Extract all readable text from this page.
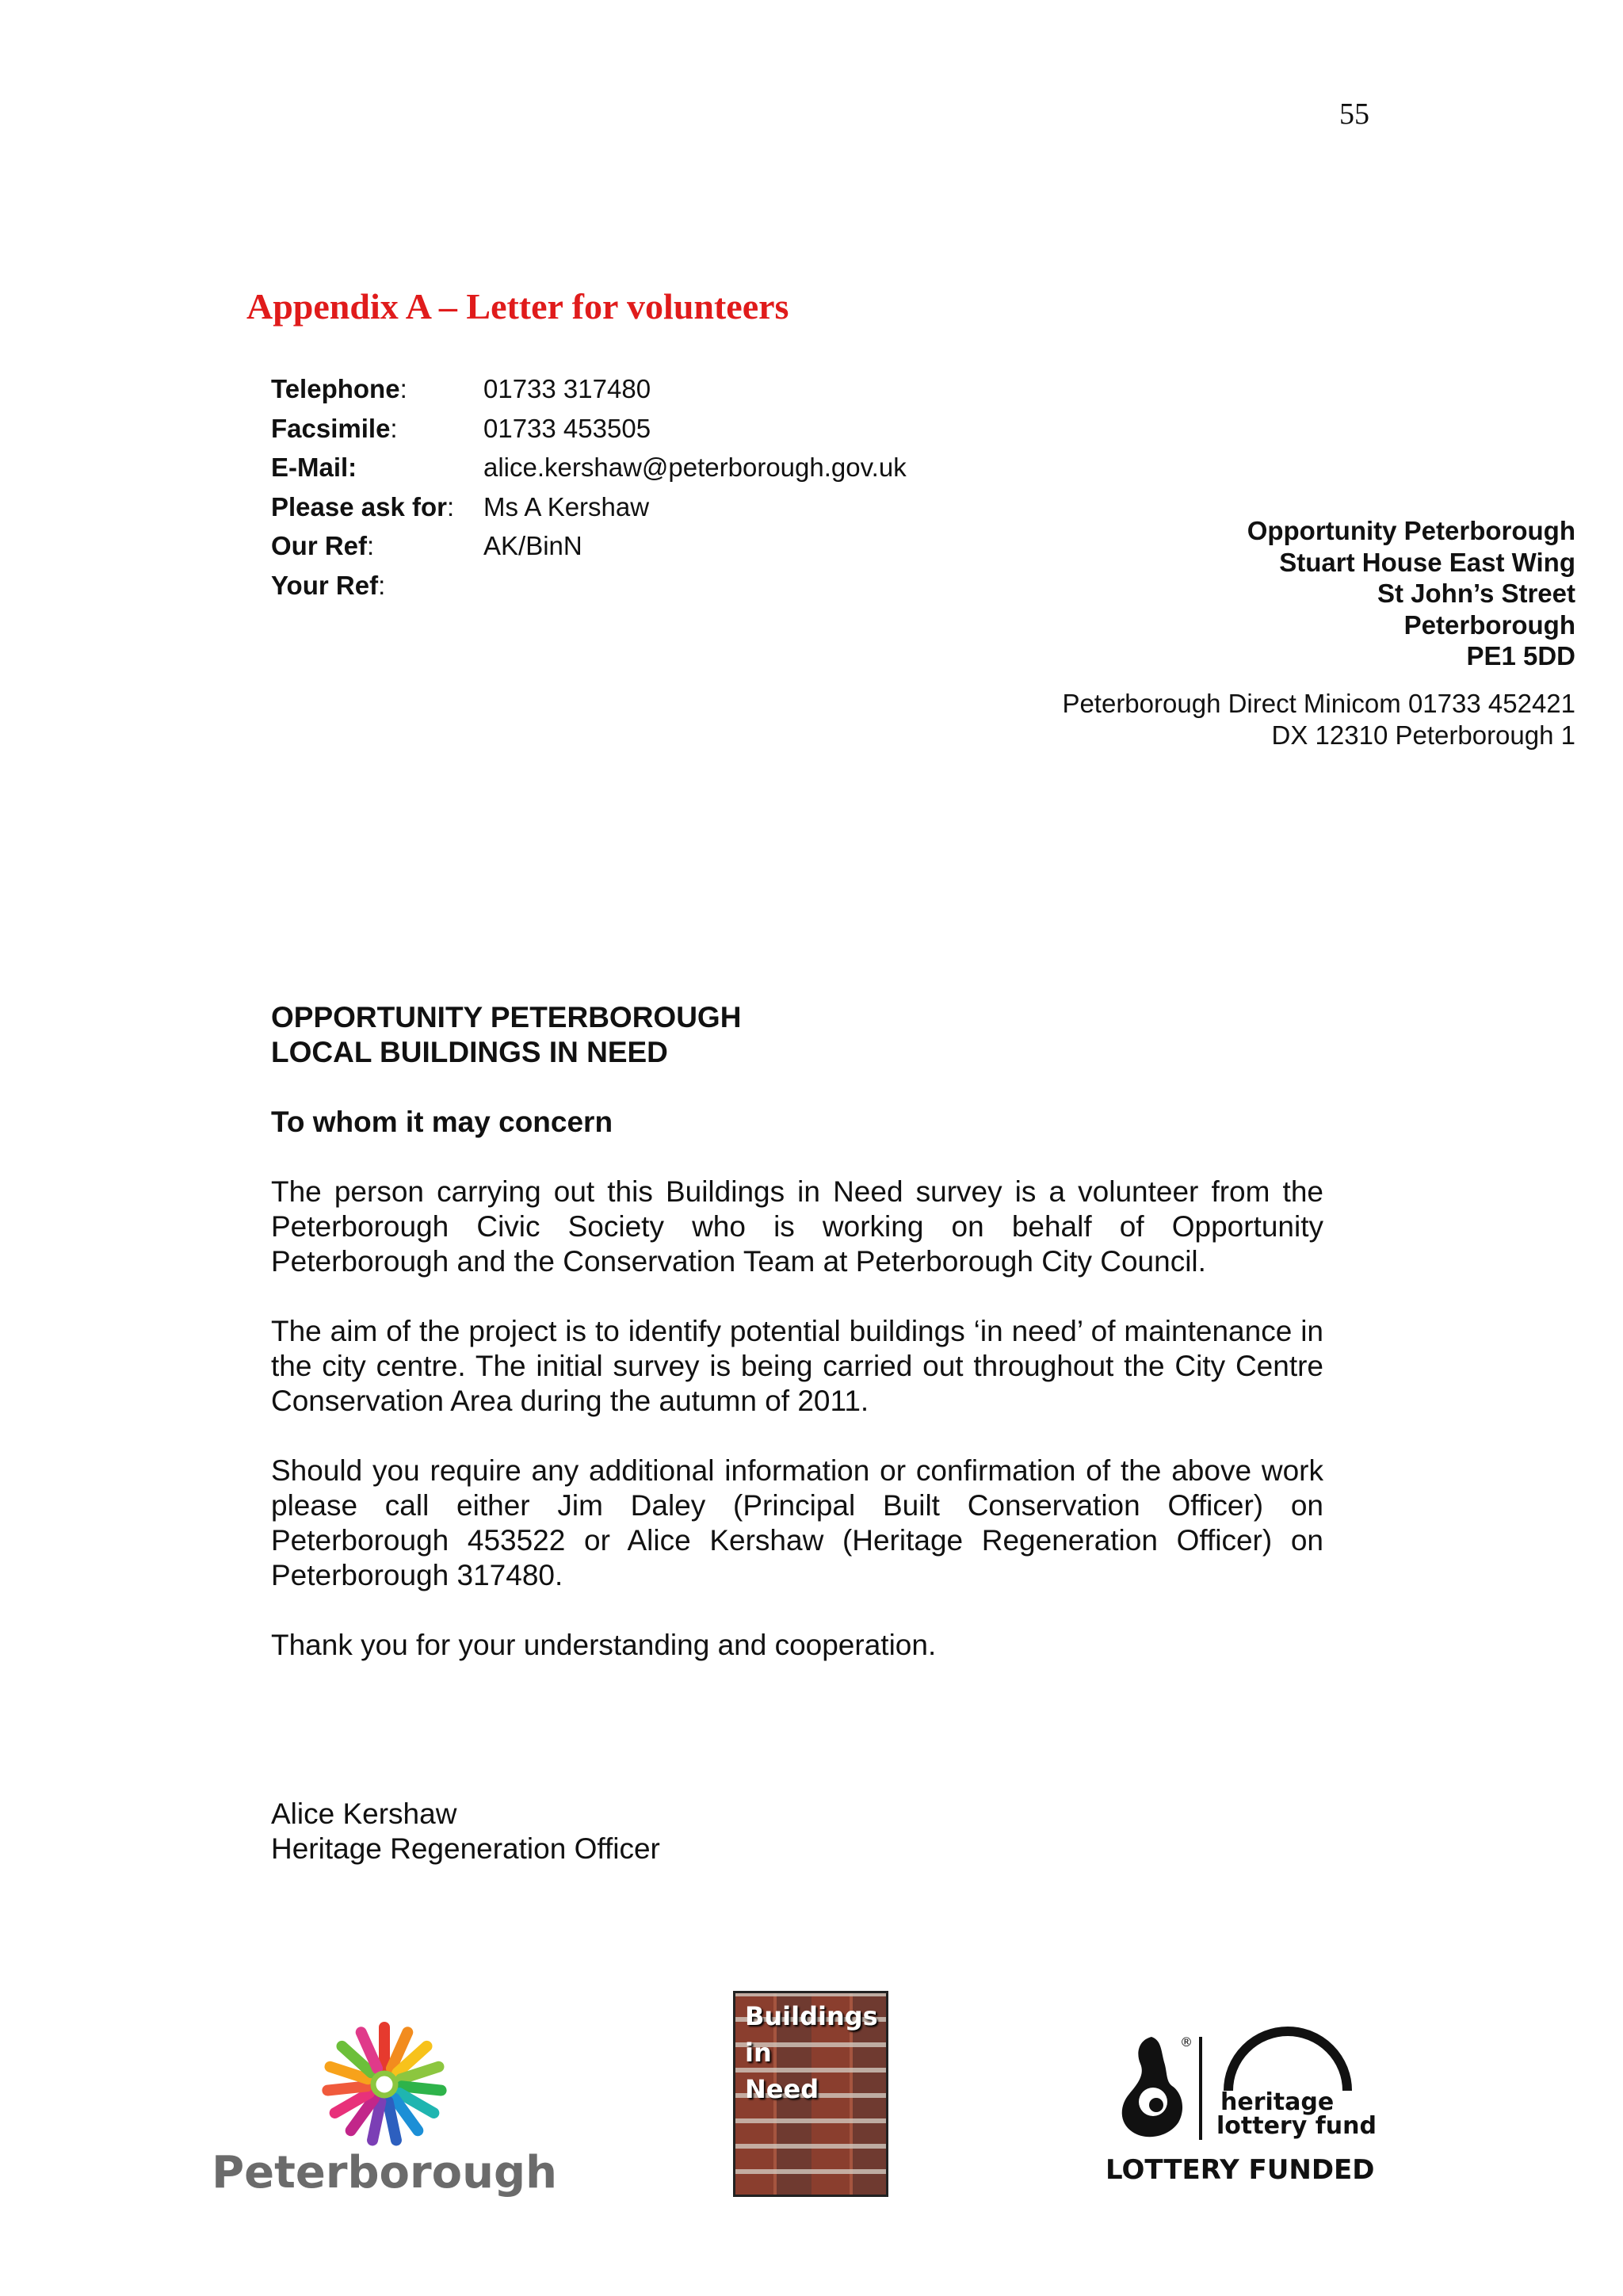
55
Appendix A – Letter for volunteers
Telephone:	01733 317480
Facsimile:	01733 453505
E-Mail:	alice.kershaw@peterborough.gov.uk
Please ask for:	Ms A Kershaw
Our Ref:	AK/BinN
Your Ref:
Opportunity Peterborough
Stuart House East Wing
St John’s Street
Peterborough
PE1 5DD
Peterborough Direct Minicom 01733 452421
DX 12310 Peterborough 1
OPPORTUNITY PETERBOROUGH
LOCAL BUILDINGS IN NEED
To whom it may concern

The person carrying out this Buildings in Need survey is a volunteer from the Peterborough Civic Society who is working on behalf of Opportunity Peterborough and the Conservation Team at Peterborough City Council.

The aim of the project is to identify potential buildings ‘in need’ of maintenance in the city centre. The initial survey is being carried out throughout the City Centre Conservation Area during the autumn of 2011.

Should you require any additional information or confirmation of the above work please call either Jim Daley (Principal Built Conservation Officer) on Peterborough 453522 or Alice Kershaw (Heritage Regeneration Officer) on Peterborough 317480.

Thank you for your understanding and cooperation.

Alice Kershaw
Heritage Regeneration Officer
Peterborough
Buildings
in
Need
®
heritage
lottery fund
LOTTERY FUNDED
